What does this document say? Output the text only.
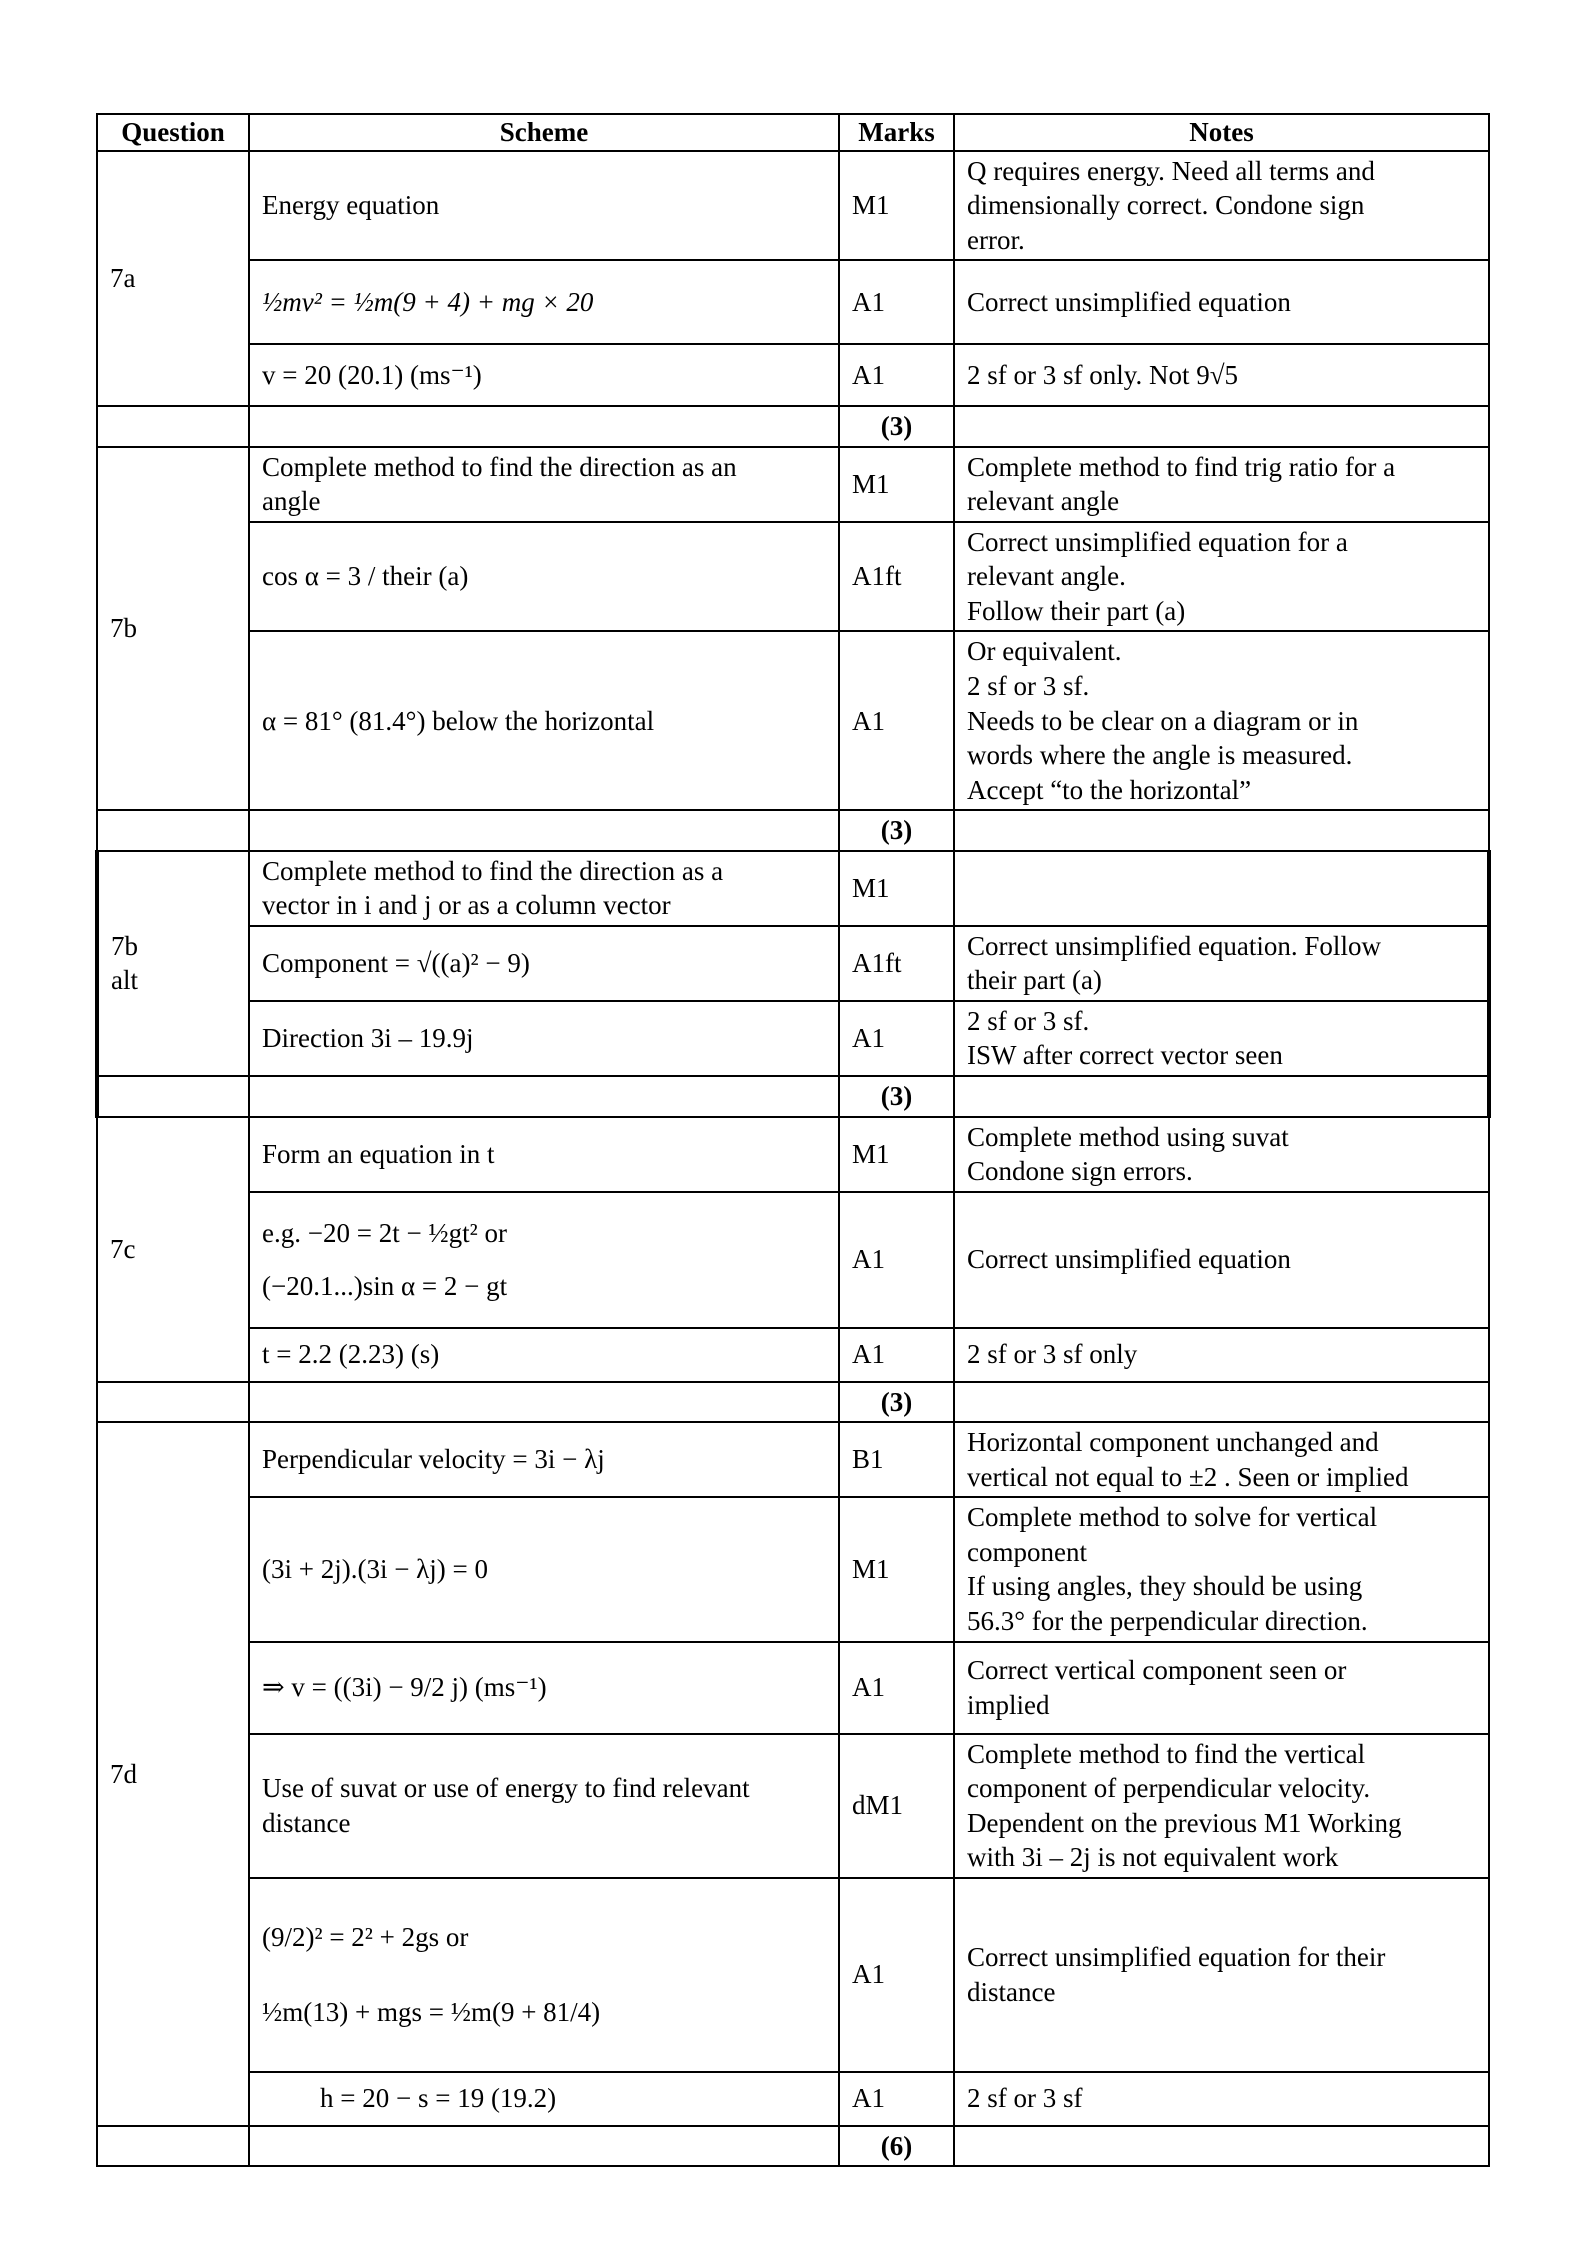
Question	Scheme	Marks	Notes
7a	Energy equation	M1	Q requires energy. Need all terms and
dimensionally correct. Condone sign
error.

	½mv² = ½m(9 + 4) + mg × 20	A1	Correct unsimplified equation
	v = 20 (20.1) (ms⁻¹)	A1	2 sf or 3 sf only. Not 9√5
		(3)	
7b	Complete method to find the direction as an
angle	M1	Complete method to find trig ratio for a
relevant angle

	cos α = 3 / their (a)	A1ft	Correct unsimplified equation for a
relevant angle.
Follow their part (a)

	α = 81° (81.4°) below the horizontal	A1	Or equivalent.
2 sf or 3 sf.
Needs to be clear on a diagram or in
words where the angle is measured.
Accept “to the horizontal”

		(3)	

7b
alt	Complete method to find the direction as a
vector in i and j or as a column vector	M1	
	Component = √((a)² − 9)	A1ft	Correct unsimplified equation. Follow
their part (a)

	Direction 3i – 19.9j	A1	2 sf or 3 sf.
ISW after correct vector seen

		(3)	
7c	Form an equation in t	M1	Complete method using suvat
Condone sign errors.

	e.g. −20 = 2t − ½gt² or
(−20.1...)sin α = 2 − gt	A1	Correct unsimplified equation
	t = 2.2 (2.23) (s)	A1	2 sf or 3 sf only
		(3)	
7d	Perpendicular velocity = 3i − λj	B1	Horizontal component unchanged and
vertical not equal to ±2 . Seen or implied

	(3i + 2j).(3i − λj) = 0	M1	Complete method to solve for vertical
component
If using angles, they should be using
56.3° for the perpendicular direction.

	⇒ v = ((3i) − 9/2 j) (ms⁻¹)	A1	Correct vertical component seen or
implied

	Use of suvat or use of energy to find relevant
distance	dM1	Complete method to find the vertical
component of perpendicular velocity.
Dependent on the previous M1 Working
with 3i – 2j is not equivalent work

	(9/2)² = 2² + 2gs or
½m(13) + mgs = ½m(9 + 81/4)	A1	Correct unsimplified equation for their
distance

	h = 20 − s = 19 (19.2)	A1	2 sf or 3 sf
		(6)	
